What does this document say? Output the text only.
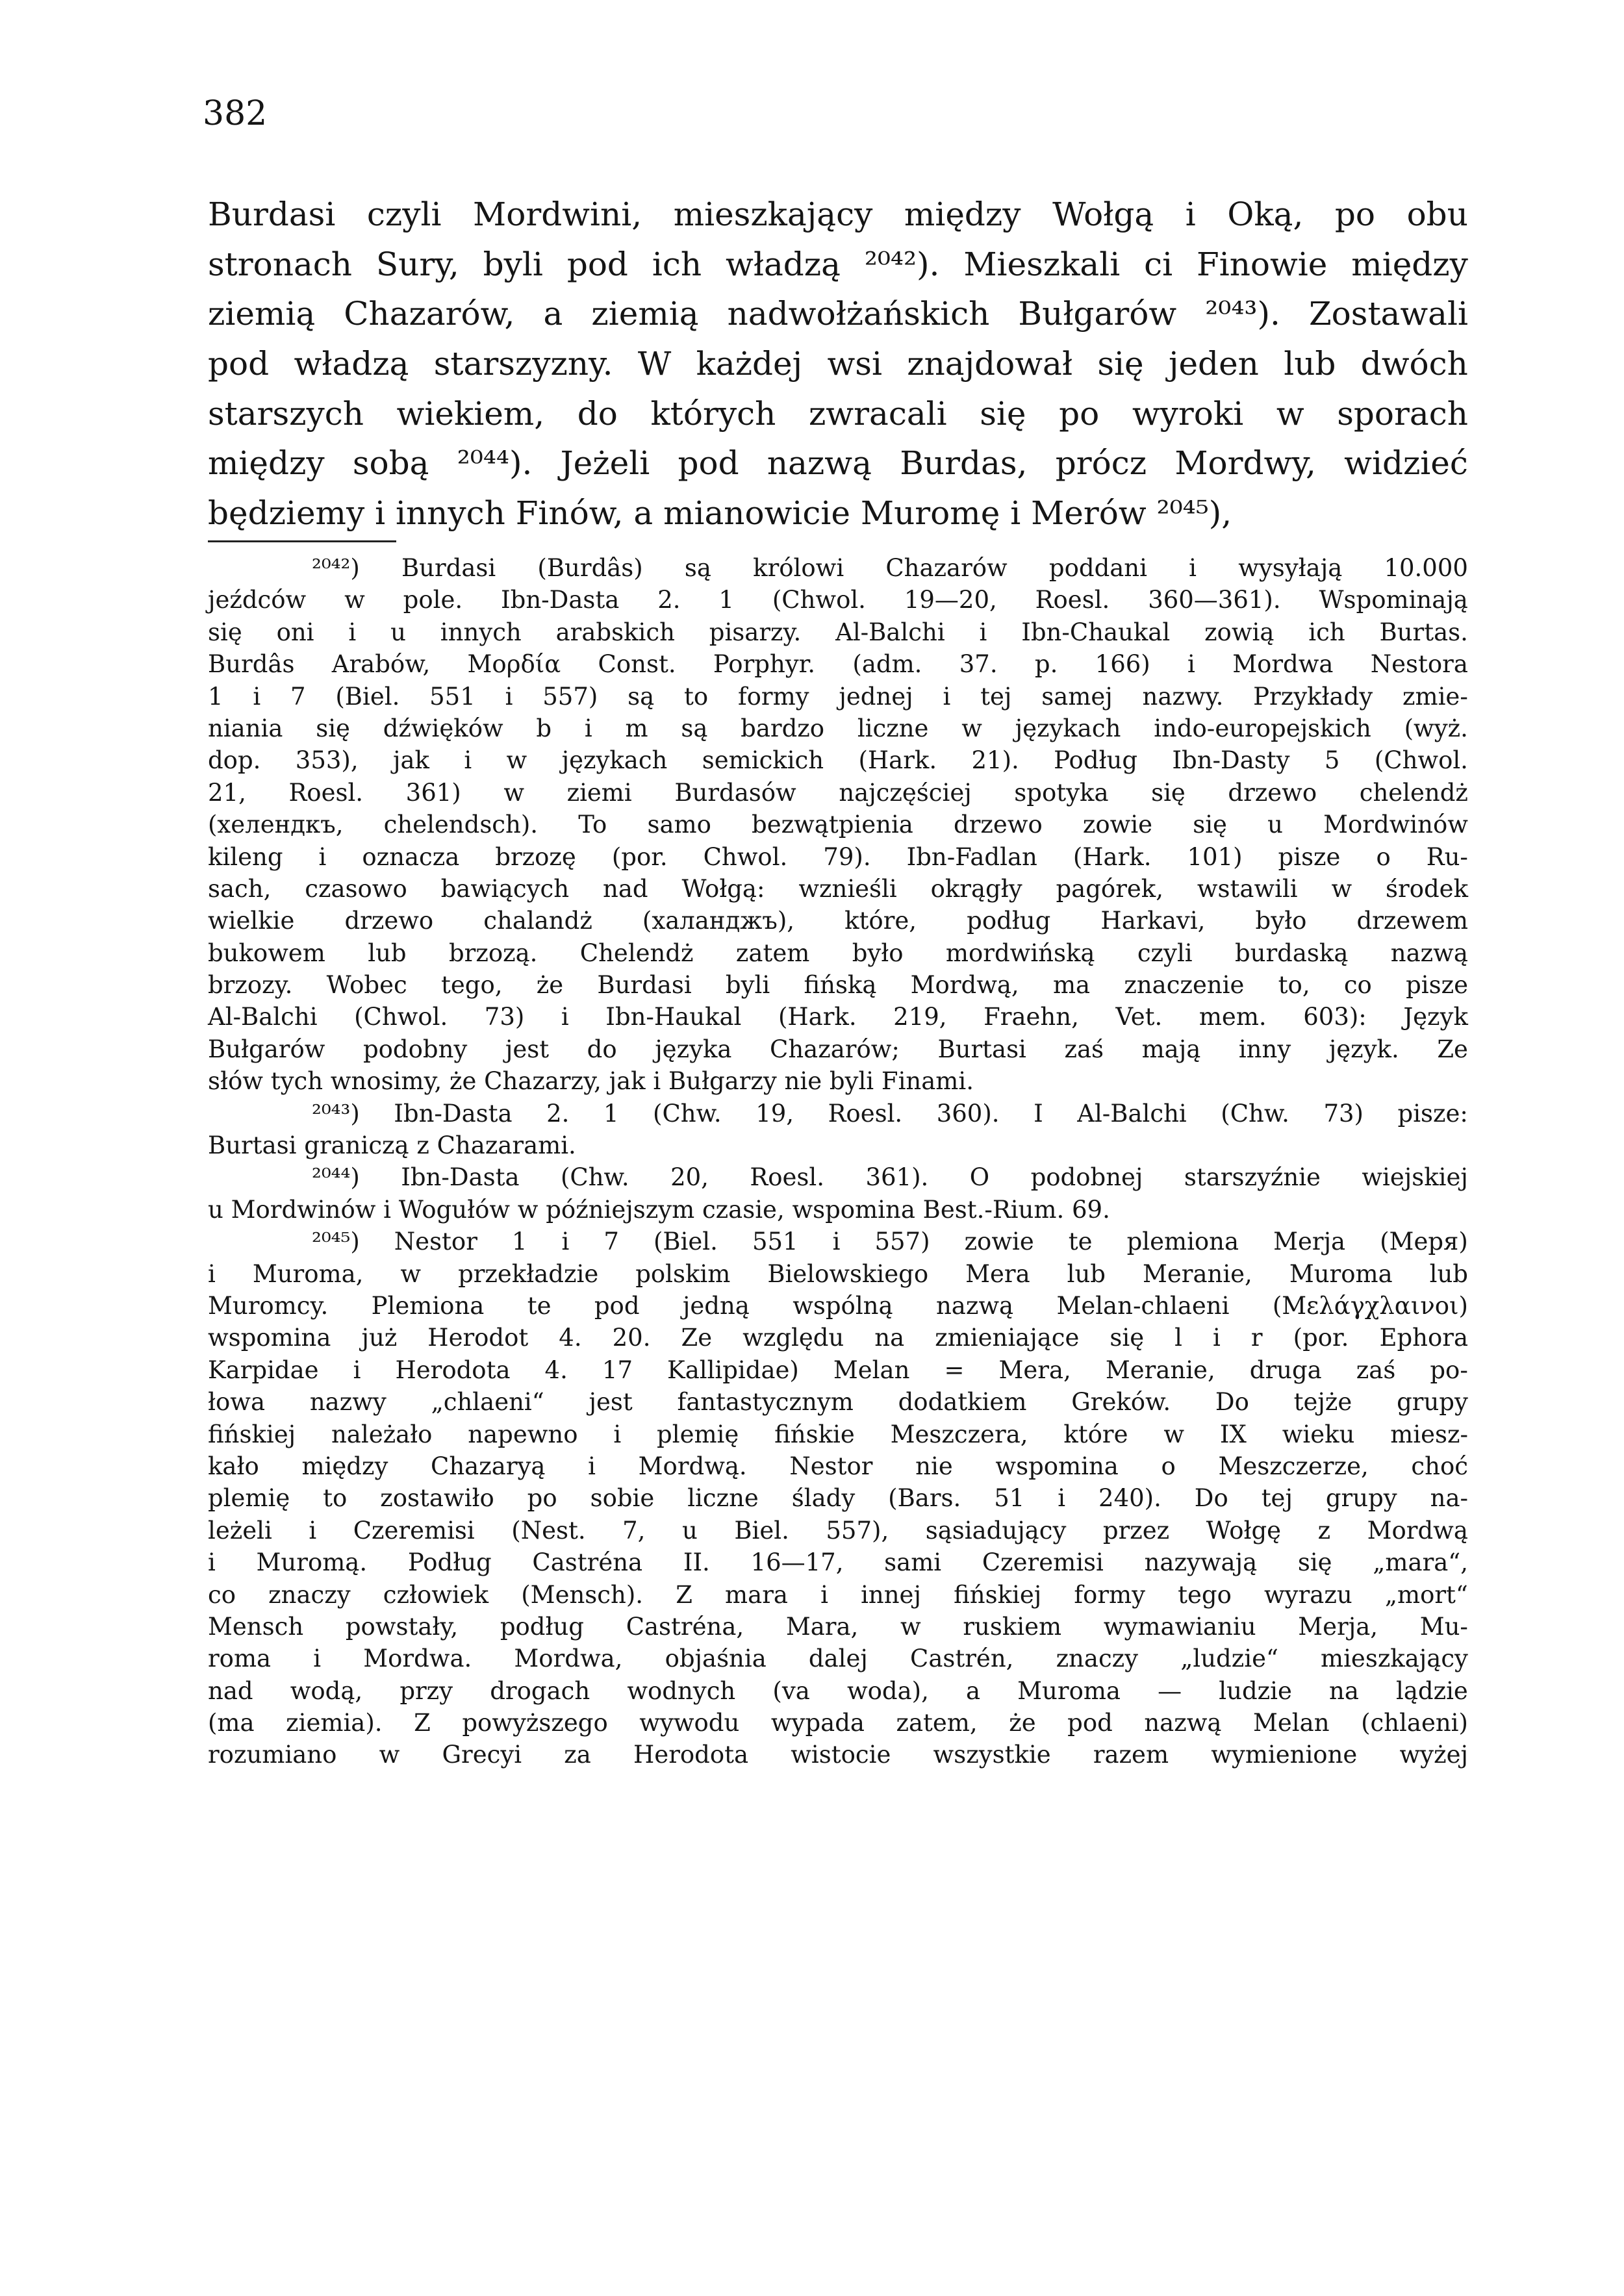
382
Burdasi czyli Mordwini, mieszkający między Wołgą i Oką, po obu
stronach Sury, byli pod ich władzą ²⁰⁴²). Mieszkali ci Finowie między
ziemią Chazarów, a ziemią nadwołżańskich Bułgarów ²⁰⁴³). Zostawali
pod władzą starszyzny. W każdej wsi znajdował się jeden lub dwóch
starszych wiekiem, do których zwracali się po wyroki w sporach
między sobą ²⁰⁴⁴). Jeżeli pod nazwą Burdas, prócz Mordwy, widzieć
będziemy i innych Finów, a mianowicie Muromę i Merów ²⁰⁴⁵),
²⁰⁴²) Burdasi (Burdâs) są królowi Chazarów poddani i wysyłają 10.000
jeźdców w pole. Ibn-Dasta 2. 1 (Chwol. 19—20, Roesl. 360—361). Wspominają
się oni i u innych arabskich pisarzy. Al-Balchi i Ibn-Chaukal zowią ich Burtas.
Burdâs Arabów, Μορδία Const. Porphyr. (adm. 37. p. 166) i Mordwa Nestora
1 i 7 (Biel. 551 i 557) są to formy jednej i tej samej nazwy. Przykłady zmie-
niania się dźwięków b i m są bardzo liczne w językach indo-europejskich (wyż.
dop. 353), jak i w językach semickich (Hark. 21). Podług Ibn-Dasty 5 (Chwol.
21, Roesl. 361) w ziemi Burdasów najczęściej spotyka się drzewo chelendż
(хелендкъ, chelendsch). To samo bezwątpienia drzewo zowie się u Mordwinów
kileng i oznacza brzozę (por. Chwol. 79). Ibn-Fadlan (Hark. 101) pisze o Ru-
sach, czasowo bawiących nad Wołgą: wznieśli okrągły pagórek, wstawili w środek
wielkie drzewo chalandż (халанджъ), które, podług Harkavi, było drzewem
bukowem lub brzozą. Chelendż zatem było mordwińską czyli burdaską nazwą
brzozy. Wobec tego, że Burdasi byli fińską Mordwą, ma znaczenie to, co pisze
Al-Balchi (Chwol. 73) i Ibn-Haukal (Hark. 219, Fraehn, Vet. mem. 603): Język
Bułgarów podobny jest do języka Chazarów; Burtasi zaś mają inny język. Ze
słów tych wnosimy, że Chazarzy, jak i Bułgarzy nie byli Finami.
²⁰⁴³) Ibn-Dasta 2. 1 (Chw. 19, Roesl. 360). I Al-Balchi (Chw. 73) pisze:
Burtasi graniczą z Chazarami.
²⁰⁴⁴) Ibn-Dasta (Chw. 20, Roesl. 361). O podobnej starszyźnie wiejskiej
u Mordwinów i Wogułów w późniejszym czasie, wspomina Best.-Rium. 69.
²⁰⁴⁵) Nestor 1 i 7 (Biel. 551 i 557) zowie te plemiona Merja (Меря)
i Muroma, w przekładzie polskim Bielowskiego Mera lub Meranie, Muroma lub
Muromcy. Plemiona te pod jedną wspólną nazwą Melan-chlaeni (Μελάγχλαινοι)
wspomina już Herodot 4. 20. Ze względu na zmieniające się l i r (por. Ephora
Karpidae i Herodota 4. 17 Kallipidae) Melan = Mera, Meranie, druga zaś po-
łowa nazwy „chlaeni“ jest fantastycznym dodatkiem Greków. Do tejże grupy
fińskiej należało napewno i plemię fińskie Meszczera, które w IX wieku miesz-
kało między Chazaryą i Mordwą. Nestor nie wspomina o Meszczerze, choć
plemię to zostawiło po sobie liczne ślady (Bars. 51 i 240). Do tej grupy na-
leżeli i Czeremisi (Nest. 7, u Biel. 557), sąsiadujący przez Wołgę z Mordwą
i Muromą. Podług Castréna II. 16—17, sami Czeremisi nazywają się „mara“,
co znaczy człowiek (Mensch). Z mara i innej fińskiej formy tego wyrazu „mort“
Mensch powstały, podług Castréna, Mara, w ruskiem wymawianiu Merja, Mu-
roma i Mordwa. Mordwa, objaśnia dalej Castrén, znaczy „ludzie“ mieszkający
nad wodą, przy drogach wodnych (va woda), a Muroma — ludzie na lądzie
(ma ziemia). Z powyższego wywodu wypada zatem, że pod nazwą Melan (chlaeni)
rozumiano w Grecyi za Herodota wistocie wszystkie razem wymienione wyżej
